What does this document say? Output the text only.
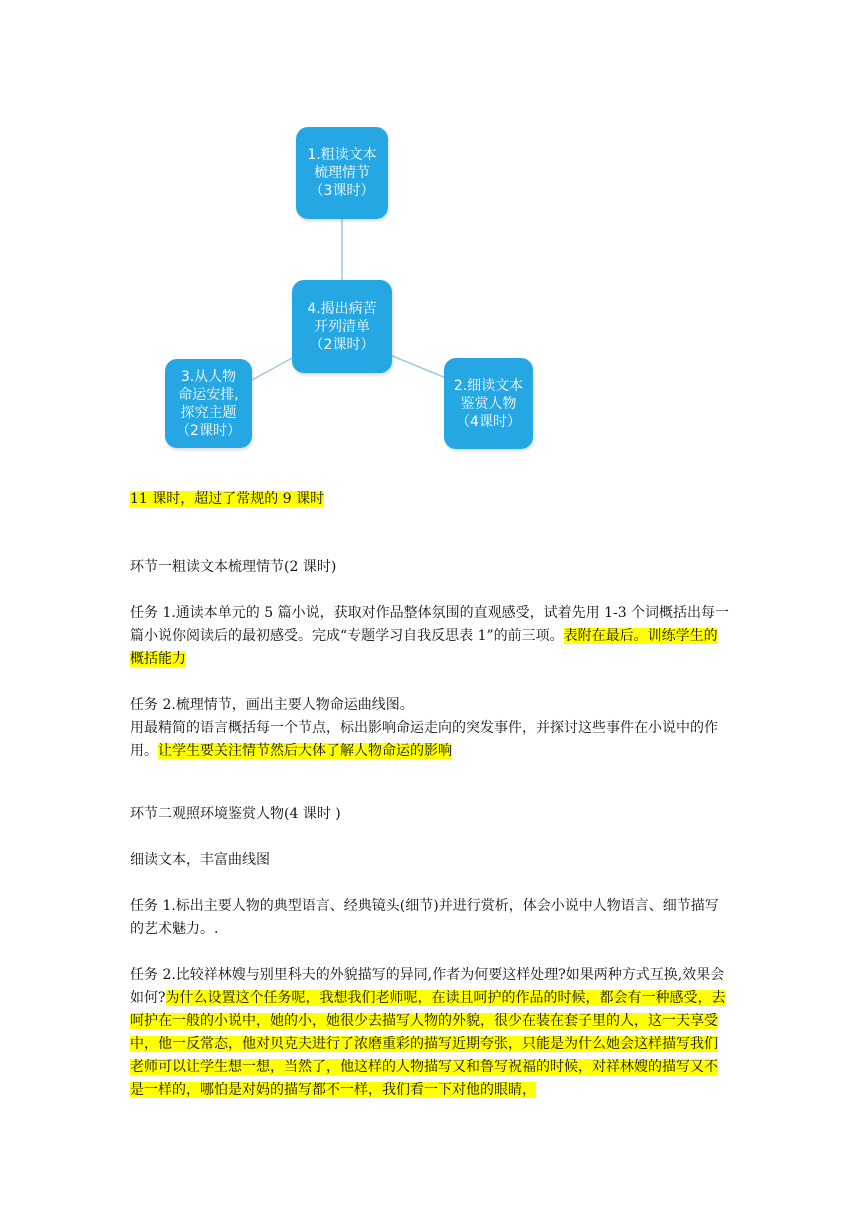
1.粗读文本
梳理情节
（3课时）
4.揭出病苦
开列清单
（2课时）
3.从人物
命运安排,
探究主题
（2课时）
2.细读文本
鉴赏人物
（4课时）

11 课时，超过了常规的 9 课时

环节一粗读文本梳理情节(2 课时)

任务 1.通读本单元的 5 篇小说，获取对作品整体氛围的直观感受，试着先用 1-3 个词概括出每一篇小说你阅读后的最初感受。完成“专题学习自我反思表 1”的前三项。表附在最后。训练学生的概括能力

任务 2.梳理情节，画出主要人物命运曲线图。

用最精简的语言概括每一个节点，标出影响命运走向的突发事件，并探讨这些事件在小说中的作用。让学生要关注情节然后大体了解人物命运的影响

环节二观照环境鉴赏人物(4 课时 )

细读文本，丰富曲线图

任务 1.标出主要人物的典型语言、经典镜头(细节)并进行赏析，体会小说中人物语言、细节描写的艺术魅力。.

任务 2.比较祥林嫂与别里科夫的外貌描写的异同,作者为何要这样处理?如果两种方式互换,效果会如何?为什么设置这个任务呢，我想我们老师呢，在读且呵护的作品的时候，都会有一种感受，去呵护在一般的小说中，她的小，她很少去描写人物的外貌，很少在装在套子里的人，这一天享受中，他一反常态，他对贝克夫进行了浓磨重彩的描写近期夸张，只能是为什么她会这样描写我们老师可以让学生想一想，当然了，他这样的人物描写又和鲁写祝福的时候，对祥林嫂的描写又不是一样的，哪怕是对妈的描写都不一样，我们看一下对他的眼睛，
